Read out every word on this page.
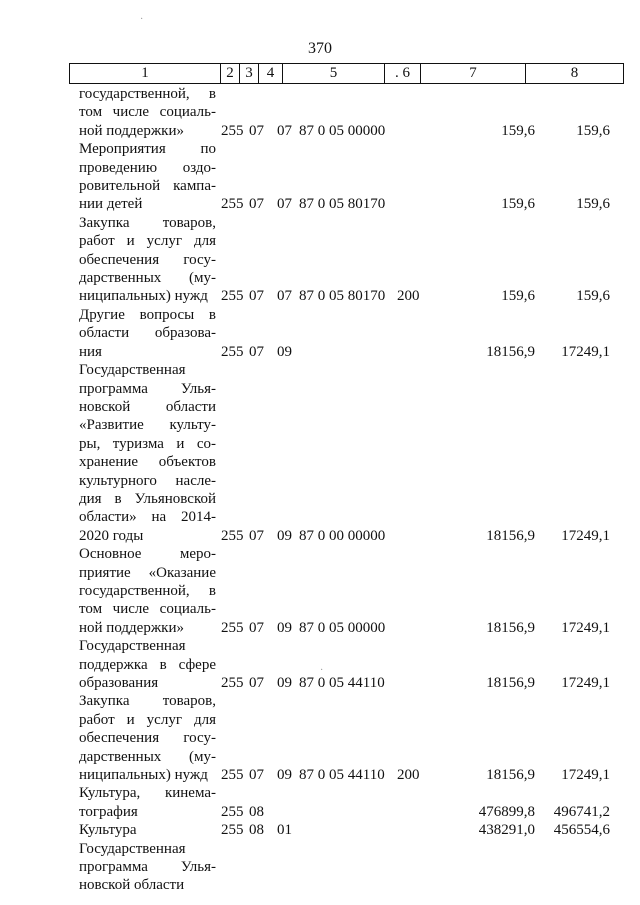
370
1	2	3	4	5	. 6	7	8
государственной, в
том числе социаль-
ной поддержки»	255 07 07 87 0 05 00000	159,6	159,6
Мероприятия по
проведению оздо-
ровительной кампа-
нии детей	255 07 07 87 0 05 80170	159,6	159,6
Закупка товаров,
работ и услуг для
обеспечения госу-
дарственных (му-
ниципальных) нужд 255 07 07 87 0 05 80170 200	159,6	159,6
Другие вопросы в
области образова-
ния	255 07 09	18156,9 17249,1
Государственная
программа Улья-
новской области
«Развитие культу-
ры, туризма и со-
хранение объектов
культурного насле-
дия в Ульяновской
области» на 2014-
2020 годы	255 07 09 87 0 00 00000	18156,9 17249,1
Основное меро-
приятие «Оказание
государственной, в
том числе социаль-
ной поддержки»	255 07 09 87 0 05 00000	18156,9 17249,1
Государственная
поддержка в сфере
образования	255 07 09 87 0 05 44110	18156,9 17249,1
Закупка товаров,
работ и услуг для
обеспечения госу-
дарственных (му-
ниципальных) нужд 255 07 09 87 0 05 44110 200	18156,9 17249,1
Культура, кинема-
тография	255 08	476899,8 496741,2
Культура	255 08 01	438291,0 456554,6
Государственная
программа Улья-
новской области
·
·
